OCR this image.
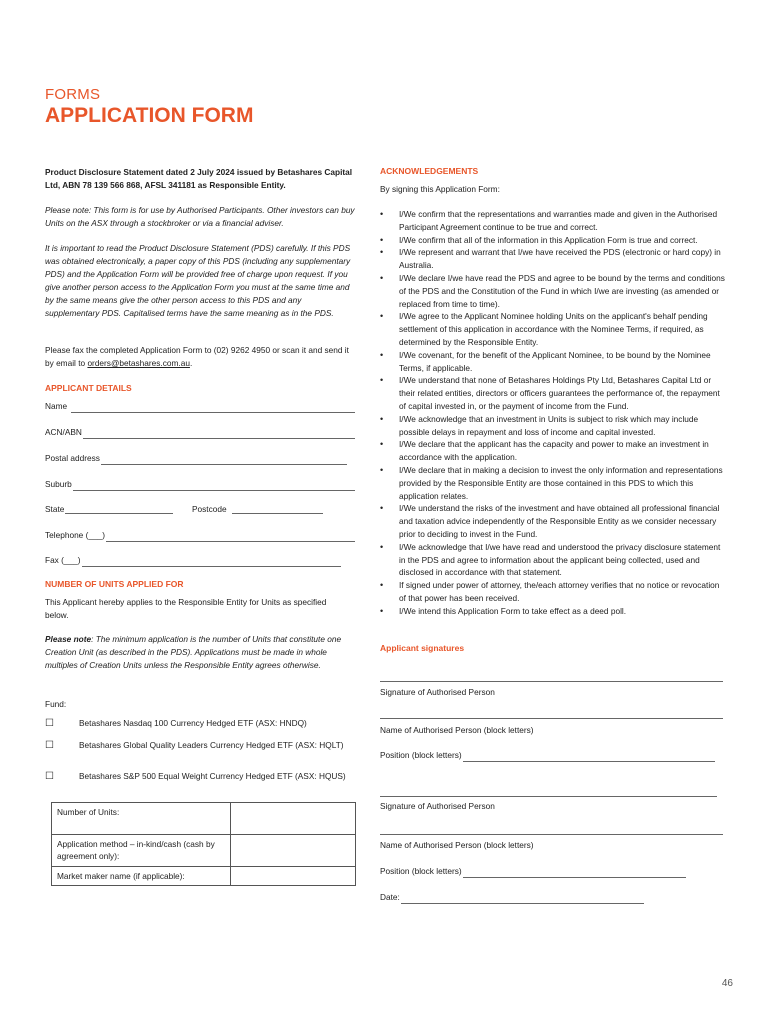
FORMS
APPLICATION FORM
Product Disclosure Statement dated 2 July 2024 issued by Betashares Capital Ltd, ABN 78 139 566 868, AFSL 341181 as Responsible Entity.
Please note: This form is for use by Authorised Participants. Other investors can buy Units on the ASX through a stockbroker or via a financial adviser.
It is important to read the Product Disclosure Statement (PDS) carefully. If this PDS was obtained electronically, a paper copy of this PDS (including any supplementary PDS) and the Application Form will be provided free of charge upon request. If you give another person access to the Application Form you must at the same time and by the same means give the other person access to this PDS and any supplementary PDS. Capitalised terms have the same meaning as in the PDS.
Please fax the completed Application Form to (02) 9262 4950 or scan it and send it by email to orders@betashares.com.au.
APPLICANT DETAILS
Name
ACN/ABN
Postal address
Suburb
State	Postcode
Telephone (___)
Fax (___)
NUMBER OF UNITS APPLIED FOR
This Applicant hereby applies to the Responsible Entity for Units as specified below.
Please note: The minimum application is the number of Units that constitute one Creation Unit (as described in the PDS). Applications must be made in whole multiples of Creation Units unless the Responsible Entity agrees otherwise.
Fund:
☐	Betashares Nasdaq 100 Currency Hedged ETF (ASX: HNDQ)
☐	Betashares Global Quality Leaders Currency Hedged ETF (ASX: HQLT)
☐	Betashares S&P 500 Equal Weight Currency Hedged ETF (ASX: HQUS)
Number of Units:	
Application method – in-kind/cash (cash by agreement only):	
Market maker name (if applicable):	
ACKNOWLEDGEMENTS
By signing this Application Form:
• I/We confirm that the representations and warranties made and given in the Authorised Participant Agreement continue to be true and correct.
• I/We confirm that all of the information in this Application Form is true and correct.
• I/We represent and warrant that I/we have received the PDS (electronic or hard copy) in Australia.
• I/We declare I/we have read the PDS and agree to be bound by the terms and conditions of the PDS and the Constitution of the Fund in which I/we are investing (as amended or replaced from time to time).
• I/We agree to the Applicant Nominee holding Units on the applicant's behalf pending settlement of this application in accordance with the Nominee Terms, if required, as determined by the Responsible Entity.
• I/We covenant, for the benefit of the Applicant Nominee, to be bound by the Nominee Terms, if applicable.
• I/We understand that none of Betashares Holdings Pty Ltd, Betashares Capital Ltd or their related entities, directors or officers guarantees the performance of, the repayment of capital invested in, or the payment of income from the Fund.
• I/We acknowledge that an investment in Units is subject to risk which may include possible delays in repayment and loss of income and capital invested.
• I/We declare that the applicant has the capacity and power to make an investment in accordance with the application.
• I/We declare that in making a decision to invest the only information and representations provided by the Responsible Entity are those contained in this PDS to which this application relates.
• I/We understand the risks of the investment and have obtained all professional financial and taxation advice independently of the Responsible Entity as we consider necessary prior to deciding to invest in the Fund.
• I/We acknowledge that I/we have read and understood the privacy disclosure statement in the PDS and agree to information about the applicant being collected, used and disclosed in accordance with that statement.
• If signed under power of attorney, the/each attorney verifies that no notice or revocation of that power has been received.
• I/We intend this Application Form to take effect as a deed poll.
Applicant signatures
Signature of Authorised Person
Name of Authorised Person (block letters)
Position (block letters)
Signature of Authorised Person
Name of Authorised Person (block letters)
Position (block letters)
Date:
46
